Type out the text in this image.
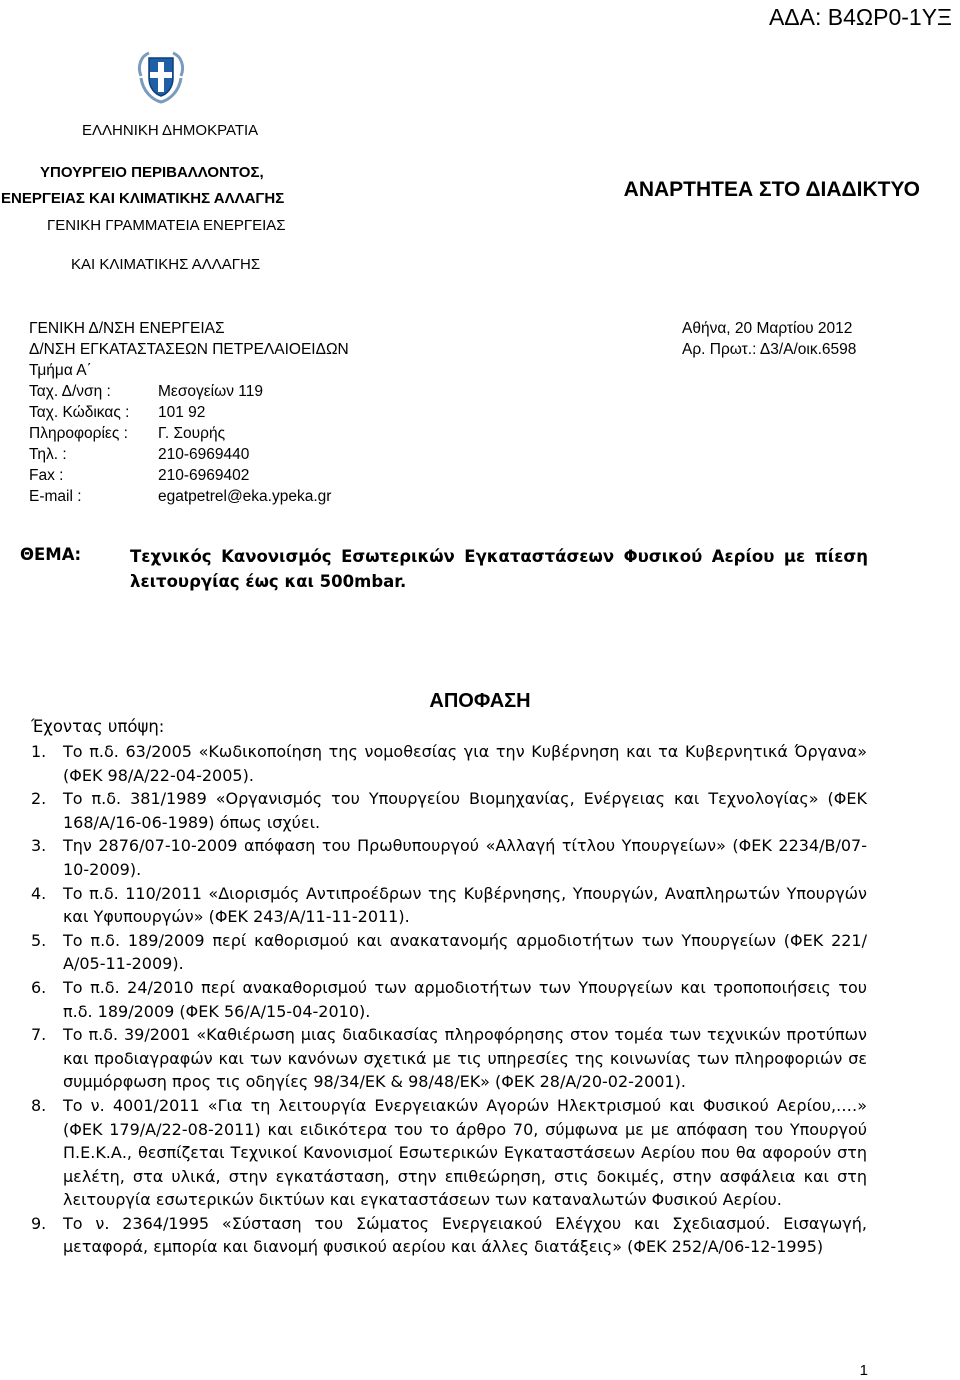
ΑΔΑ: Β4ΩΡ0-1ΥΞ
ΕΛΛΗΝΙΚΗ ΔΗΜΟΚΡΑΤΙΑ
ΥΠΟΥΡΓΕΙΟ ΠΕΡΙΒΑΛΛΟΝΤΟΣ,
ΕΝΕΡΓΕΙΑΣ ΚΑΙ ΚΛΙΜΑΤΙΚΗΣ ΑΛΛΑΓΗΣ
ΓΕΝΙΚΗ ΓΡΑΜΜΑΤΕΙΑ ΕΝΕΡΓΕΙΑΣ
ΚΑΙ ΚΛΙΜΑΤΙΚΗΣ ΑΛΛΑΓΗΣ
ΑΝΑΡΤΗΤΕΑ ΣΤΟ ΔΙΑΔΙΚΤΥΟ
ΓΕΝΙΚΗ Δ/ΝΣΗ ΕΝΕΡΓΕΙΑΣ
Δ/ΝΣΗ ΕΓΚΑΤΑΣΤΑΣΕΩΝ ΠΕΤΡΕΛΑΙΟΕΙΔΩΝ
Τμήμα Α΄
Ταχ. Δ/νση :	Μεσογείων 119
Ταχ. Κώδικας : 101 92
Πληροφορίες : Γ. Σουρής
Τηλ. :	210-6969440
Fax :	210-6969402
E-mail :	egatpetrel@eka.ypeka.gr
Αθήνα, 20 Μαρτίου 2012
Αρ. Πρωτ.: Δ3/Α/οικ.6598
ΘΕΜΑ:	Τεχνικός Κανονισμός Εσωτερικών Εγκαταστάσεων Φυσικού Αερίου με πίεση λειτουργίας έως και 500mbar.
ΑΠΟΦΑΣΗ
Έχοντας υπόψη:
1. Το π.δ. 63/2005 «Κωδικοποίηση της νομοθεσίας για την Κυβέρνηση και τα Κυβερνητικά Όργανα» (ΦΕΚ 98/Α/22-04-2005).
2. Το π.δ. 381/1989 «Οργανισμός του Υπουργείου Βιομηχανίας, Ενέργειας και Τεχνολογίας» (ΦΕΚ 168/Α/16-06-1989) όπως ισχύει.
3. Την 2876/07-10-2009 απόφαση του Πρωθυπουργού «Αλλαγή τίτλου Υπουργείων» (ΦΕΚ 2234/Β/07-10-2009).
4. Το π.δ. 110/2011 «Διορισμός Αντιπροέδρων της Κυβέρνησης, Υπουργών, Αναπληρωτών Υπουργών και Υφυπουργών» (ΦΕΚ 243/Α/11-11-2011).
5. Το π.δ. 189/2009 περί καθορισμού και ανακατανομής αρμοδιοτήτων των Υπουργείων (ΦΕΚ 221/Α/05-11-2009).
6. Το π.δ. 24/2010 περί ανακαθορισμού των αρμοδιοτήτων των Υπουργείων και τροποποιήσεις του π.δ. 189/2009 (ΦΕΚ 56/Α/15-04-2010).
7. Το π.δ. 39/2001 «Καθιέρωση μιας διαδικασίας πληροφόρησης στον τομέα των τεχνικών προτύπων και προδιαγραφών και των κανόνων σχετικά με τις υπηρεσίες της κοινωνίας των πληροφοριών σε συμμόρφωση προς τις οδηγίες 98/34/ΕΚ & 98/48/ΕΚ» (ΦΕΚ 28/Α/20-02-2001).
8. Το ν. 4001/2011 «Για τη λειτουργία Ενεργειακών Αγορών Ηλεκτρισμού και Φυσικού Αερίου,.…» (ΦΕΚ 179/Α/22-08-2011) και ειδικότερα του το άρθρο 70, σύμφωνα με με απόφαση του Υπουργού Π.Ε.Κ.Α., θεσπίζεται Τεχνικοί Κανονισμοί Εσωτερικών Εγκαταστάσεων Αερίου που θα αφορούν στη μελέτη, στα υλικά, στην εγκατάσταση, στην επιθεώρηση, στις δοκιμές, στην ασφάλεια και στη λειτουργία εσωτερικών δικτύων και εγκαταστάσεων των καταναλωτών Φυσικού Αερίου.
9. Το ν. 2364/1995 «Σύσταση του Σώματος Ενεργειακού Ελέγχου και Σχεδιασμού. Εισαγωγή, μεταφορά, εμπορία και διανομή φυσικού αερίου και άλλες διατάξεις» (ΦΕΚ 252/Α/06-12-1995)
1
